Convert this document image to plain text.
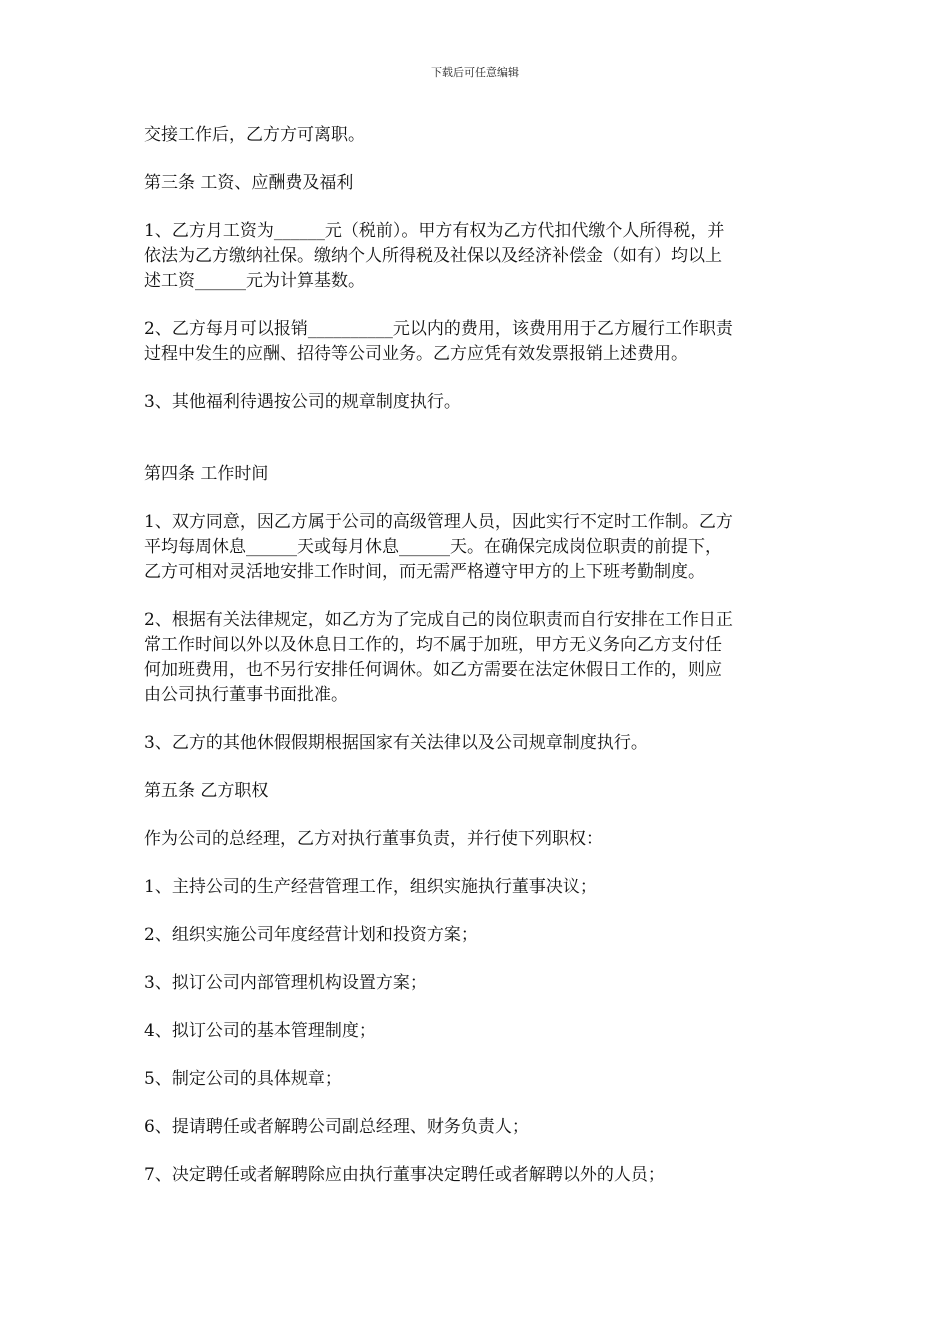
下载后可任意编辑
交接工作后，乙方方可离职。
第三条 工资、应酬费及福利
1、乙方月工资为______元（税前）。甲方有权为乙方代扣代缴个人所得税，并
依法为乙方缴纳社保。缴纳个人所得税及社保以及经济补偿金（如有）均以上
述工资______元为计算基数。
2、乙方每月可以报销__________元以内的费用，该费用用于乙方履行工作职责
过程中发生的应酬、招待等公司业务。乙方应凭有效发票报销上述费用。
3、其他福利待遇按公司的规章制度执行。
第四条 工作时间
1、双方同意，因乙方属于公司的高级管理人员，因此实行不定时工作制。乙方
平均每周休息______天或每月休息______天。在确保完成岗位职责的前提下，
乙方可相对灵活地安排工作时间，而无需严格遵守甲方的上下班考勤制度。
2、根据有关法律规定，如乙方为了完成自己的岗位职责而自行安排在工作日正
常工作时间以外以及休息日工作的，均不属于加班，甲方无义务向乙方支付任
何加班费用，也不另行安排任何调休。如乙方需要在法定休假日工作的，则应
由公司执行董事书面批准。
3、乙方的其他休假假期根据国家有关法律以及公司规章制度执行。
第五条 乙方职权
作为公司的总经理，乙方对执行董事负责，并行使下列职权：
1、主持公司的生产经营管理工作，组织实施执行董事决议；
2、组织实施公司年度经营计划和投资方案；
3、拟订公司内部管理机构设置方案；
4、拟订公司的基本管理制度；
5、制定公司的具体规章；
6、提请聘任或者解聘公司副总经理、财务负责人；
7、决定聘任或者解聘除应由执行董事决定聘任或者解聘以外的人员；
